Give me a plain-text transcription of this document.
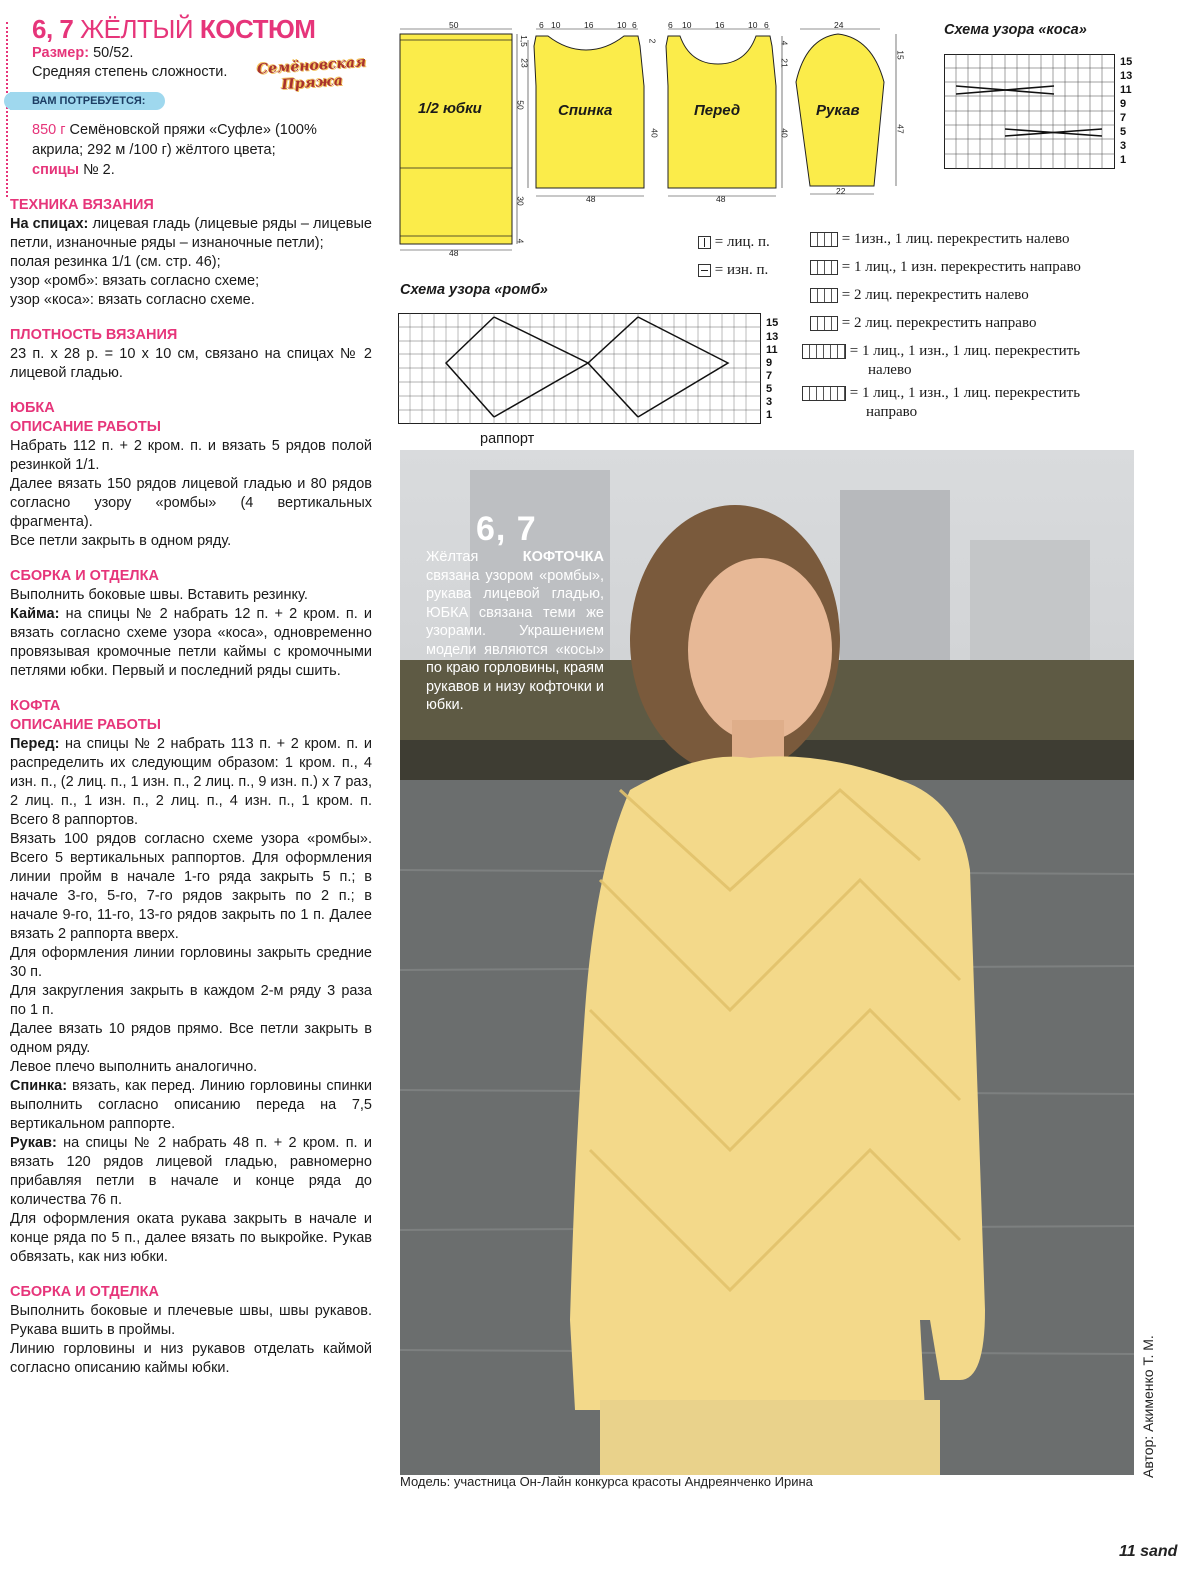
6, 7 ЖЁЛТЫЙ КОСТЮМ
Размер: 50/52.
Средняя степень сложности.
ВАМ ПОТРЕБУЕТСЯ:
850 г Семёновской пряжи «Суфле» (100% акрила; 292 м /100 г) жёлтого цвета;
спицы № 2.
ТЕХНИКА ВЯЗАНИЯ
На спицах: лицевая гладь (лицевые ряды – лицевые петли, изнаночные ряды – изнаночные петли);
полая резинка 1/1 (см. стр. 46);
узор «ромб»: вязать согласно схеме;
узор «коса»: вязать согласно схеме.
ПЛОТНОСТЬ ВЯЗАНИЯ
23 п. x 28 р. = 10 x 10 см, связано на спицах № 2 лицевой гладью.
ЮБКА
ОПИСАНИЕ РАБОТЫ
Набрать 112 п. + 2 кром. п. и вязать 5 рядов полой резинкой 1/1.
Далее вязать 150 рядов лицевой гладью и 80 рядов согласно узору «ромбы» (4 вертикальных фрагмента).
Все петли закрыть в одном ряду.
СБОРКА И ОТДЕЛКА
Выполнить боковые швы. Вставить резинку.
Кайма: на спицы № 2 набрать 12 п. + 2 кром. п. и вязать согласно схеме узора «коса», одновременно провязывая кромочные петли каймы с кромочными петлями юбки. Первый и последний ряды сшить.
КОФТА
ОПИСАНИЕ РАБОТЫ
Перед: на спицы № 2 набрать 113 п. + 2 кром. п. и распределить их следующим образом: 1 кром. п., 4 изн. п., (2 лиц. п., 1 изн. п., 2 лиц. п., 9 изн. п.) x 7 раз, 2 лиц. п., 1 изн. п., 2 лиц. п., 4 изн. п., 1 кром. п. Всего 8 раппортов.
Вязать 100 рядов согласно схеме узора «ромбы». Всего 5 вертикальных раппортов. Для оформления линии пройм в начале 1-го ряда закрыть 5 п.; в начале 3-го, 5-го, 7-го рядов закрыть по 2 п.; в начале 9-го, 11-го, 13-го рядов закрыть по 1 п. Далее вязать 2 раппорта вверх.
Для оформления линии горловины закрыть средние 30 п.
Для закругления закрыть в каждом 2-м ряду 3 раза по 1 п.
Далее вязать 10 рядов прямо. Все петли закрыть в одном ряду.
Левое плечо выполнить аналогично.
Спинка: вязать, как перед. Линию горловины спинки выполнить согласно описанию переда на 7,5 вертикальном раппорте.
Рукав: на спицы № 2 набрать 48 п. + 2 кром. п. и вязать 120 рядов лицевой гладью, равномерно прибавляя петли в начале и конце ряда до количества 76 п.
Для оформления оката рукава закрыть в начале и конце ряда по 5 п., далее вязать по выкройке. Рукав обвязать, как низ юбки.
СБОРКА И ОТДЕЛКА
Выполнить боковые и плечевые швы, швы рукавов. Рукава вшить в проймы.
Линию горловины и низ рукавов отделать каймой согласно описанию каймы юбки.
Семёновская
Пряжа
1/2 юбки	Спинка	Перед	Рукав
50
48
1,5
50
30
4
6 10	16	10 6
2
23
40
48
6 10	16	10 6
4
21
40
48
24
15
47
22
= лиц. п.
= изн. п.
Схема узора «коса»
15
13
11
9
7
5
3
1
= 1изн., 1 лиц. перекрестить налево
= 1 лиц., 1 изн. перекрестить направо
= 2 лиц. перекрестить налево
= 2 лиц. перекрестить направо
= 1 лиц., 1 изн., 1 лиц. перекрестить
налево
= 1 лиц., 1 изн., 1 лиц. перекрестить
направо
Схема узора «ромб»
15
13
11
9
7
5
3
1
раппорт
6, 7
Жёлтая	КОФТОЧКА связана узором «ромбы», рукава лицевой гладью, ЮБКА связана теми же узорами. Украшением модели являются «косы» по краю горловины, краям рукавов и низу кофточки и юбки.
Модель: участница Он-Лайн конкурса красоты Андреянченко Ирина
Автор: Акименко Т. М.
11 sand
